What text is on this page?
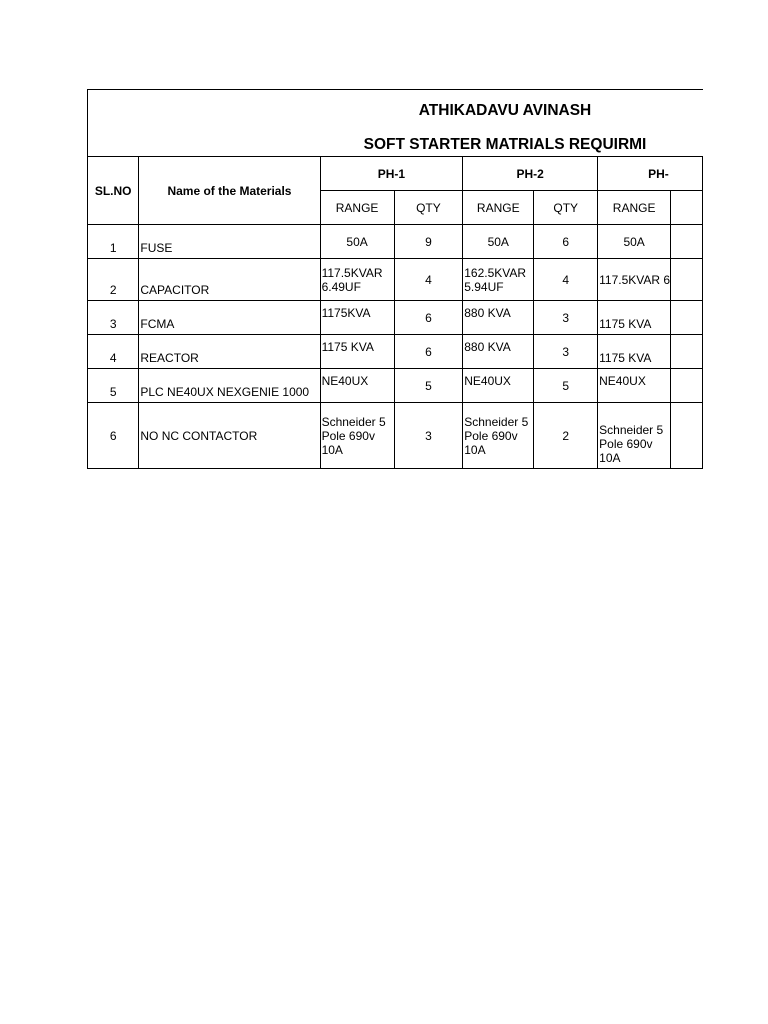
ATHIKADAVU AVINASH
SOFT STARTER MATRIALS REQUIRMI
SL.NO	Name of the Materials	PH-1		PH-2		PH-	
		RANGE	QTY	RANGE	QTY	RANGE	
1	FUSE	50A	9	50A	6	50A	
2	CAPACITOR	117.5KVAR 6.49UF	4	162.5KVAR 5.94UF	4	117.5KVAR 6	
3	FCMA	1175KVA	6	880 KVA	3	1175 KVA	
4	REACTOR	1175 KVA	6	880 KVA	3	1175 KVA	
5	PLC NE40UX NEXGENIE 1000	NE40UX	5	NE40UX	5	NE40UX	
6	NO NC CONTACTOR	Schneider 5 Pole 690v 10A	3	Schneider 5 Pole 690v 10A	2	Schneider 5 Pole 690v 10A	
